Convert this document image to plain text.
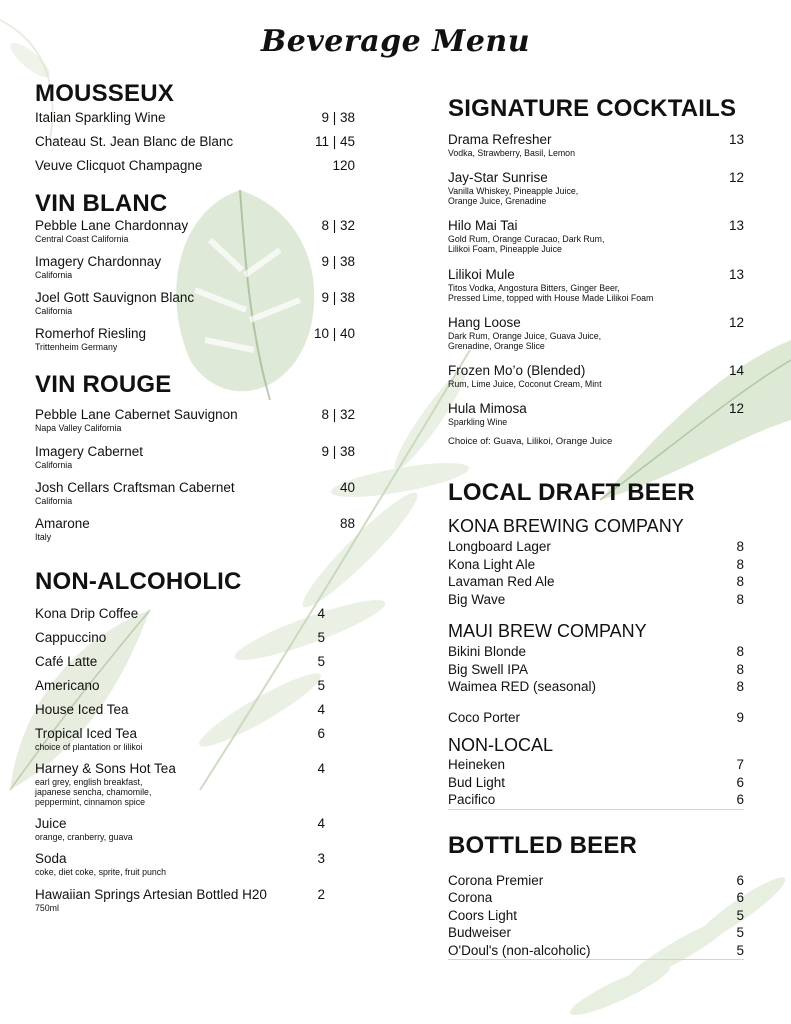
Beverage Menu
MOUSSEUX
Italian Sparkling Wine	9 | 38
Chateau St. Jean Blanc de Blanc	11 | 45
Veuve Clicquot Champagne	120
VIN BLANC
Pebble Lane Chardonnay	8 | 32
Central Coast California
Imagery Chardonnay	9 | 38
California
Joel Gott Sauvignon Blanc	9 | 38
California
Romerhof Riesling	10 | 40
Trittenheim Germany
VIN ROUGE
Pebble Lane Cabernet Sauvignon	8 | 32
Napa Valley California
Imagery Cabernet	9 | 38
California
Josh Cellars Craftsman Cabernet	40
California
Amarone	88
Italy
NON-ALCOHOLIC
Kona Drip Coffee	4
Cappuccino	5
Café Latte	5
Americano	5
House Iced Tea	4
Tropical Iced Tea	6
choice of plantation or lilikoi
Harney & Sons Hot Tea	4
earl grey, english breakfast,
japanese sencha, chamomile,
peppermint, cinnamon spice
Juice	4
orange, cranberry, guava
Soda	3
coke, diet coke, sprite, fruit punch
Hawaiian Springs Artesian Bottled H20	2
750ml
SIGNATURE COCKTAILS
Drama Refresher	13
Vodka, Strawberry, Basil, Lemon
Jay-Star Sunrise	12
Vanilla Whiskey, Pineapple Juice,
Orange Juice, Grenadine
Hilo Mai Tai	13
Gold Rum, Orange Curacao, Dark Rum,
Lilikoi Foam, Pineapple Juice
Lilikoi Mule	13
Titos Vodka, Angostura Bitters, Ginger Beer,
Pressed Lime, topped with House Made Lilikoi Foam
Hang Loose	12
Dark Rum, Orange Juice, Guava Juice,
Grenadine, Orange Slice
Frozen Mo’o (Blended)	14
Rum, Lime Juice, Coconut Cream, Mint
Hula Mimosa	12
Sparkling Wine
Choice of: Guava, Lilikoi, Orange Juice
LOCAL DRAFT BEER
KONA BREWING COMPANY
Longboard Lager	8
Kona Light Ale	8
Lavaman Red Ale	8
Big Wave	8
MAUI BREW COMPANY
Bikini Blonde	8
Big Swell IPA	8
Waimea RED (seasonal)	8
Coco Porter	9
NON-LOCAL
Heineken	7
Bud Light	6
Pacifico	6
BOTTLED BEER
Corona Premier	6
Corona	6
Coors Light	5
Budweiser	5
O'Doul's (non-alcoholic)	5
